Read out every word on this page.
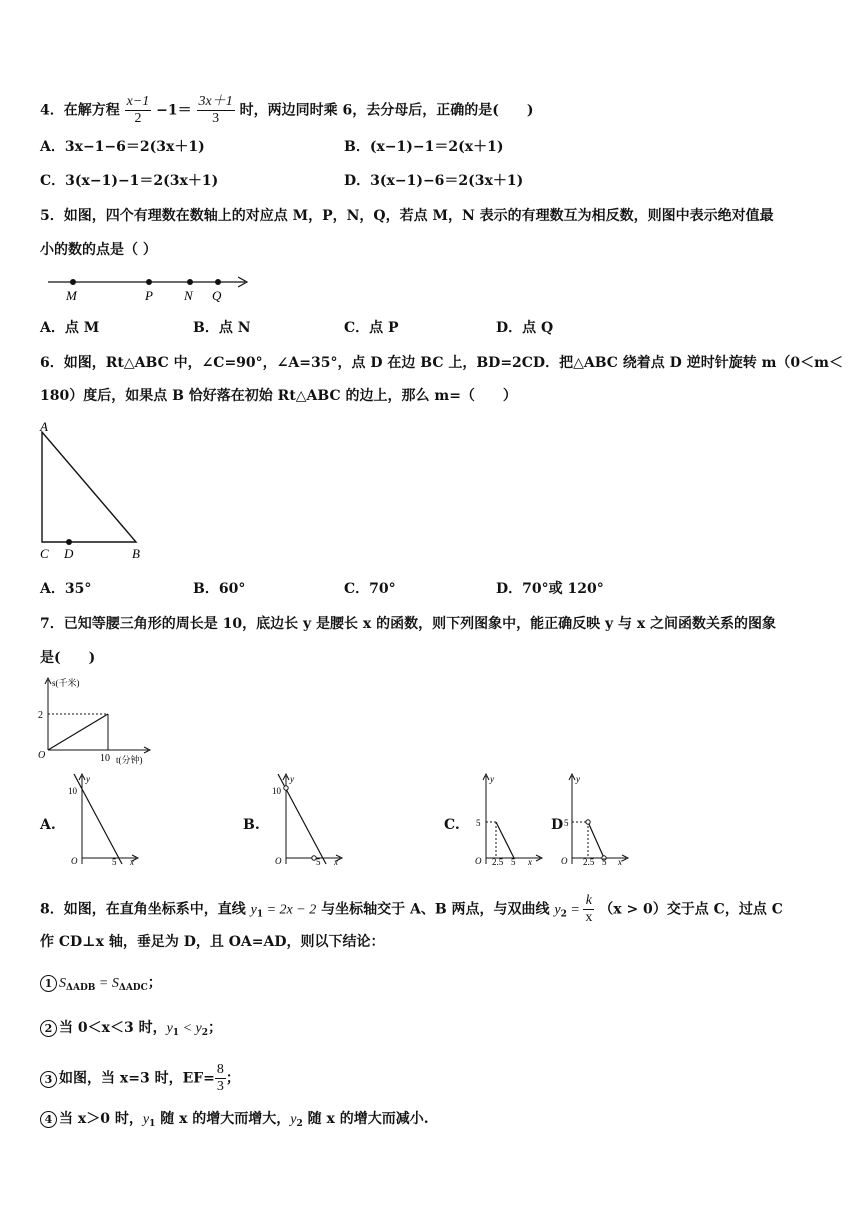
4．在解方程 $\frac{x-1}{2} -1= \frac{3x+1}{3}$ 时，两边同时乘 6，去分母后，正确的是(　　)
A．3x−1−6＝2(3x＋1)	B．(x−1)−1＝2(x＋1)
C．3(x−1)−1＝2(3x＋1)	D．3(x−1)−6＝2(3x＋1)
5．如图，四个有理数在数轴上的对应点 M，P，N，Q，若点 M，N 表示的有理数互为相反数，则图中表示绝对值最
小的数的点是（ ）
M	P N Q
A．点 M	B．点 N	C．点 P	D．点 Q
6．如图，Rt△ABC 中，∠C=90°，∠A=35°，点 D 在边 BC 上，BD=2CD．把△ABC 绕着点 D 逆时针旋转 m（0＜m＜
180）度后，如果点 B 恰好落在初始 Rt△ABC 的边上，那么 m=（　　）
A
C D	B
A．35°	B．60°	C．70°	D．70°或 120°
7．已知等腰三角形的周长是 10，底边长 y 是腰长 x 的函数，则下列图象中，能正确反映 y 与 x 之间函数关系的图象
是(　　)
s(千米)
2
O	10 t(分钟)
A.
y
10
O	5 x
B.
y
10
O	5 x
C.
y
5
O 2.5 5 x
D
y
5
O 2.5 5 x
8．如图，在直角坐标系中，直线 $y_1 = 2x - 2$ 与坐标轴交于 A、B 两点，与双曲线 $y_2 = \frac{k}{x} (x > 0)$交于点 C，过点 C
作 CD⊥x 轴，垂足为 D，且 OA=AD，则以下结论：
1 $S_{\Delta ADB} = S_{\Delta ADC}$；
2 当 0＜x＜3 时，$y_1 < y_2$；
3 如图，当 x=3 时，$EF= \frac{8}{3}$ ；
4 当 x＞0 时，$y_1$ 随 x 的增大而增大，$y_2$ 随 x 的增大而减小.
